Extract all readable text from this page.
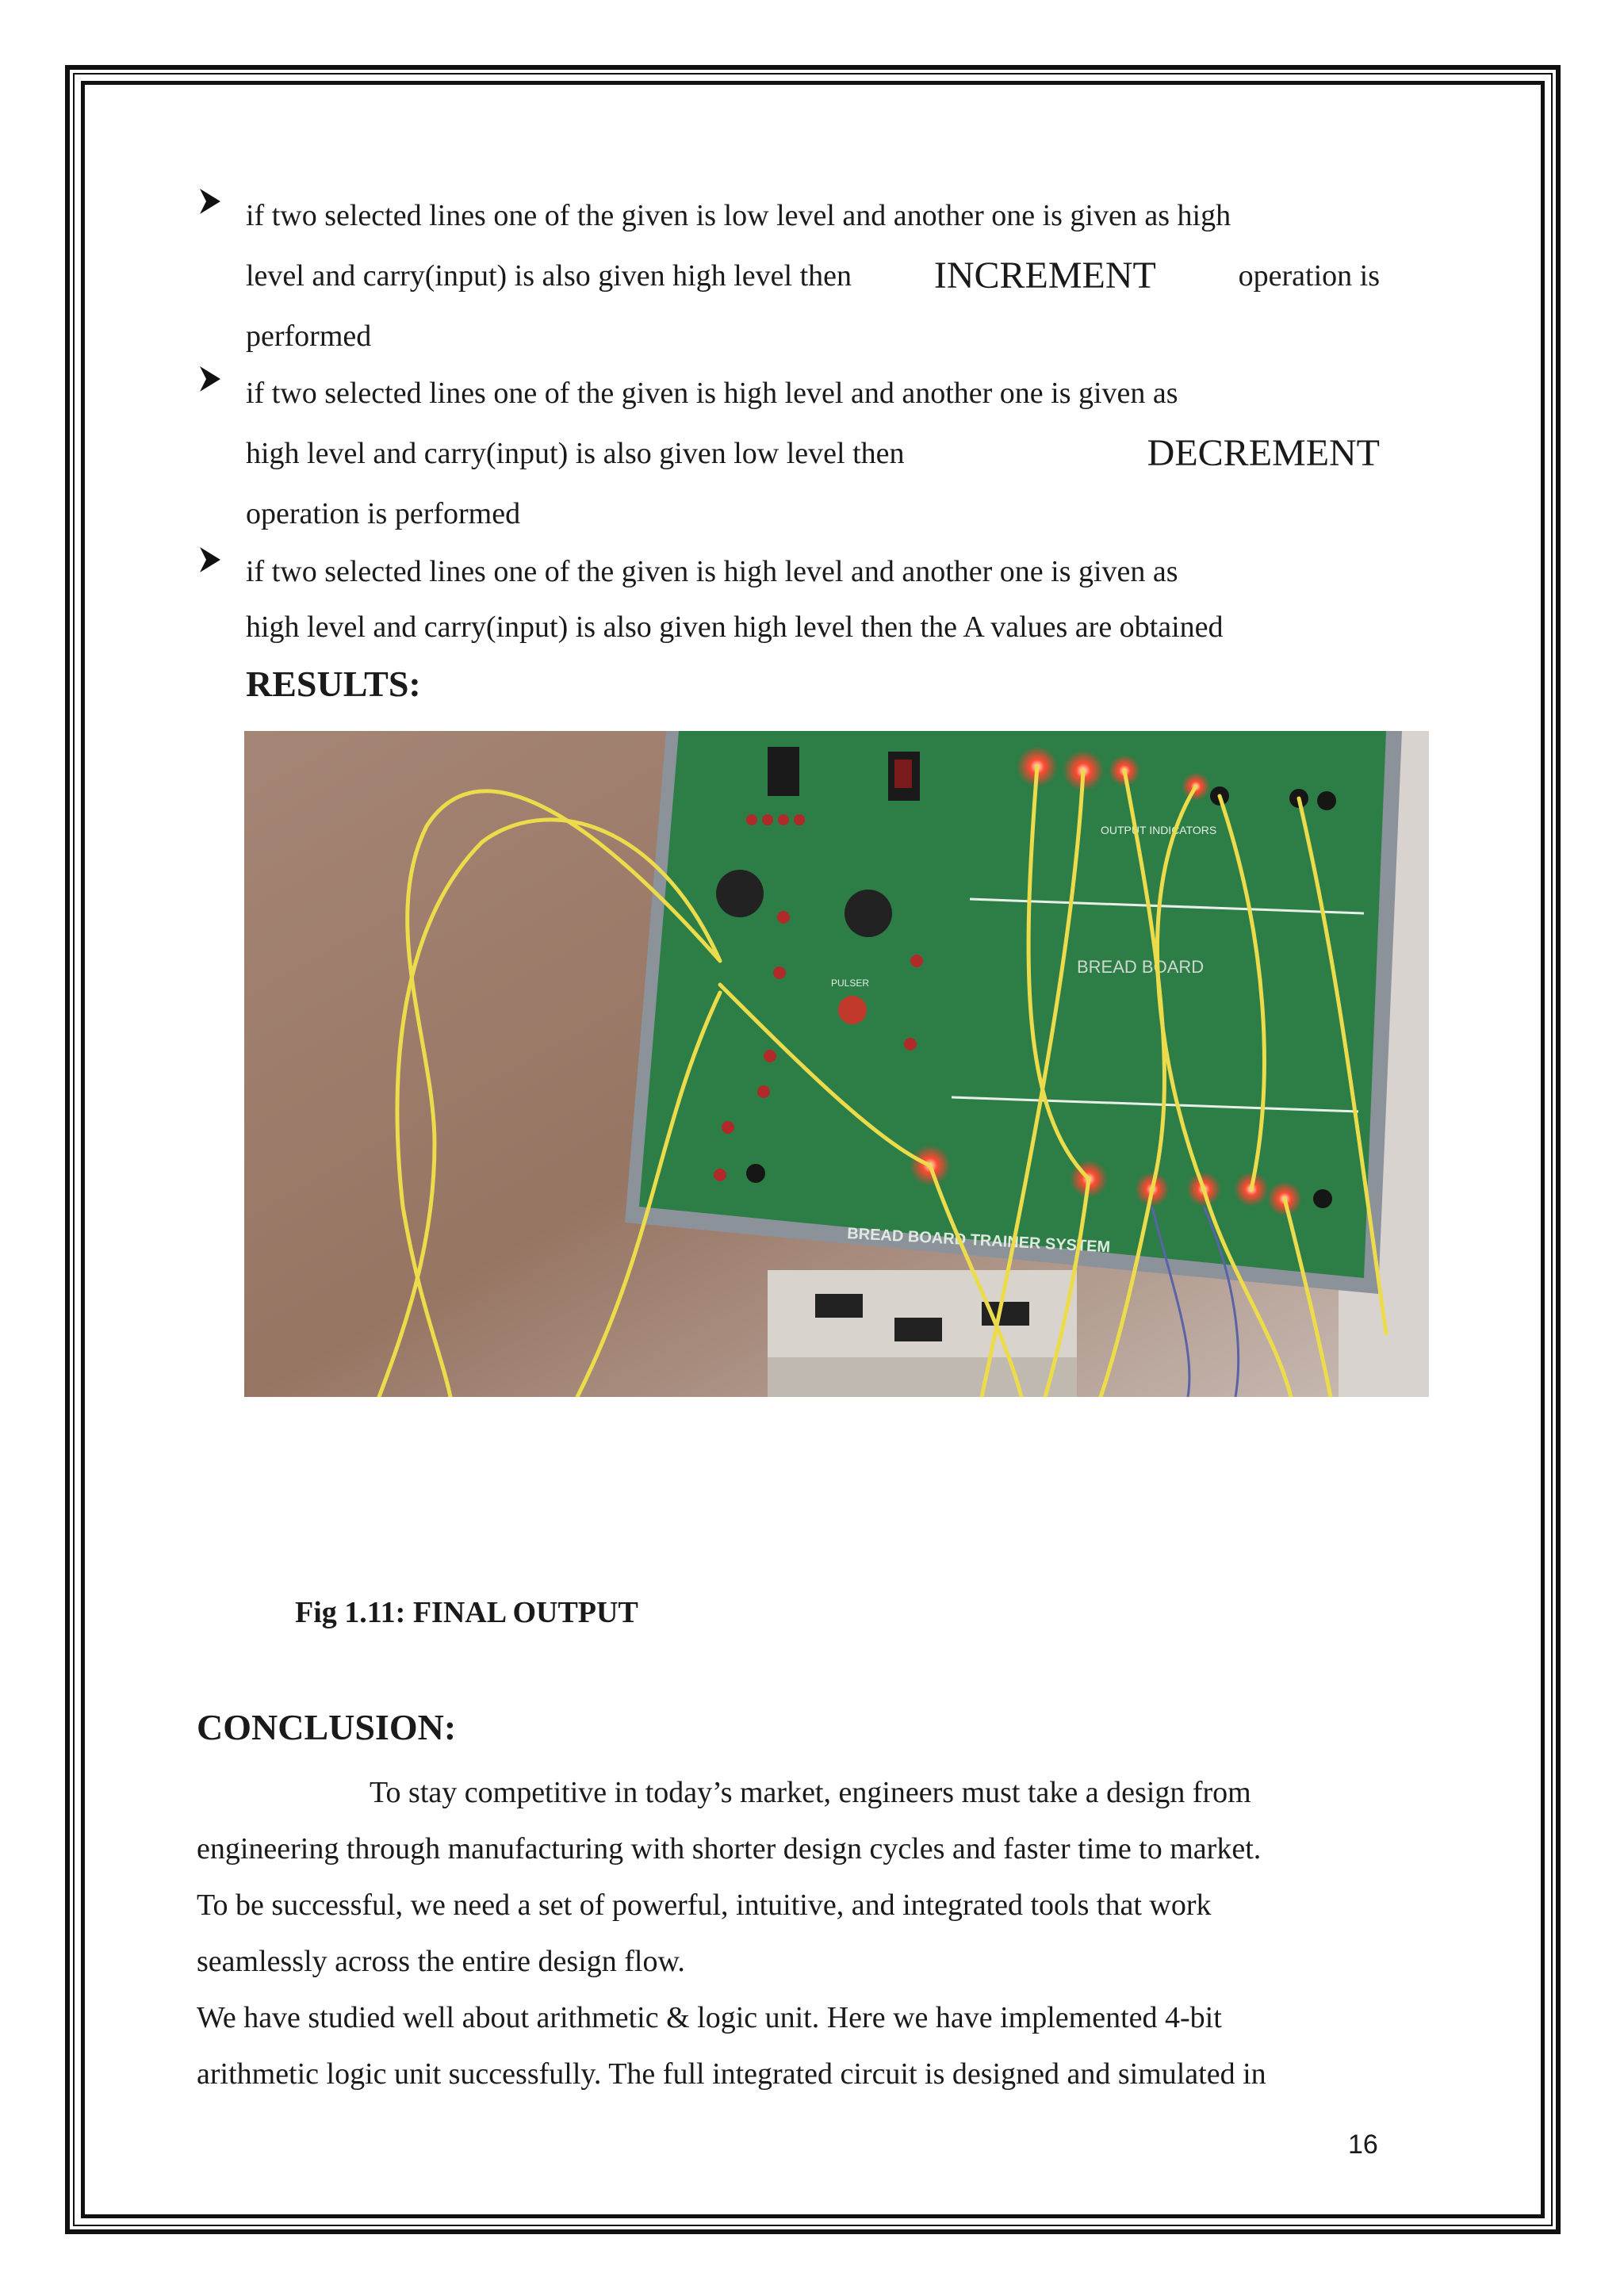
if two selected lines one of the given is low level and another one is given as high
level and carry(input) is also given high level then INCREMENT	operation is
performed
if two selected lines one of the given is high level and another one is given as
high level and carry(input) is also given low level then	DECREMENT
operation is performed
if two selected lines one of the given is high level and another one is given as
high level and carry(input) is also given high level then the A values are obtained
RESULTS:
OUTPUT INDICATORS
BREAD BOARD
PULSER
BREAD BOARD TRAINER SYSTEM
Fig 1.11: FINAL OUTPUT
CONCLUSION:
To stay competitive in today’s market, engineers must take a design from
engineering through manufacturing with shorter design cycles and faster time to market.
To be successful, we need a set of powerful, intuitive, and integrated tools that work
seamlessly across the entire design flow.
We have studied well about arithmetic & logic unit. Here we have implemented 4-bit
arithmetic logic unit successfully. The full integrated circuit is designed and simulated in
16
